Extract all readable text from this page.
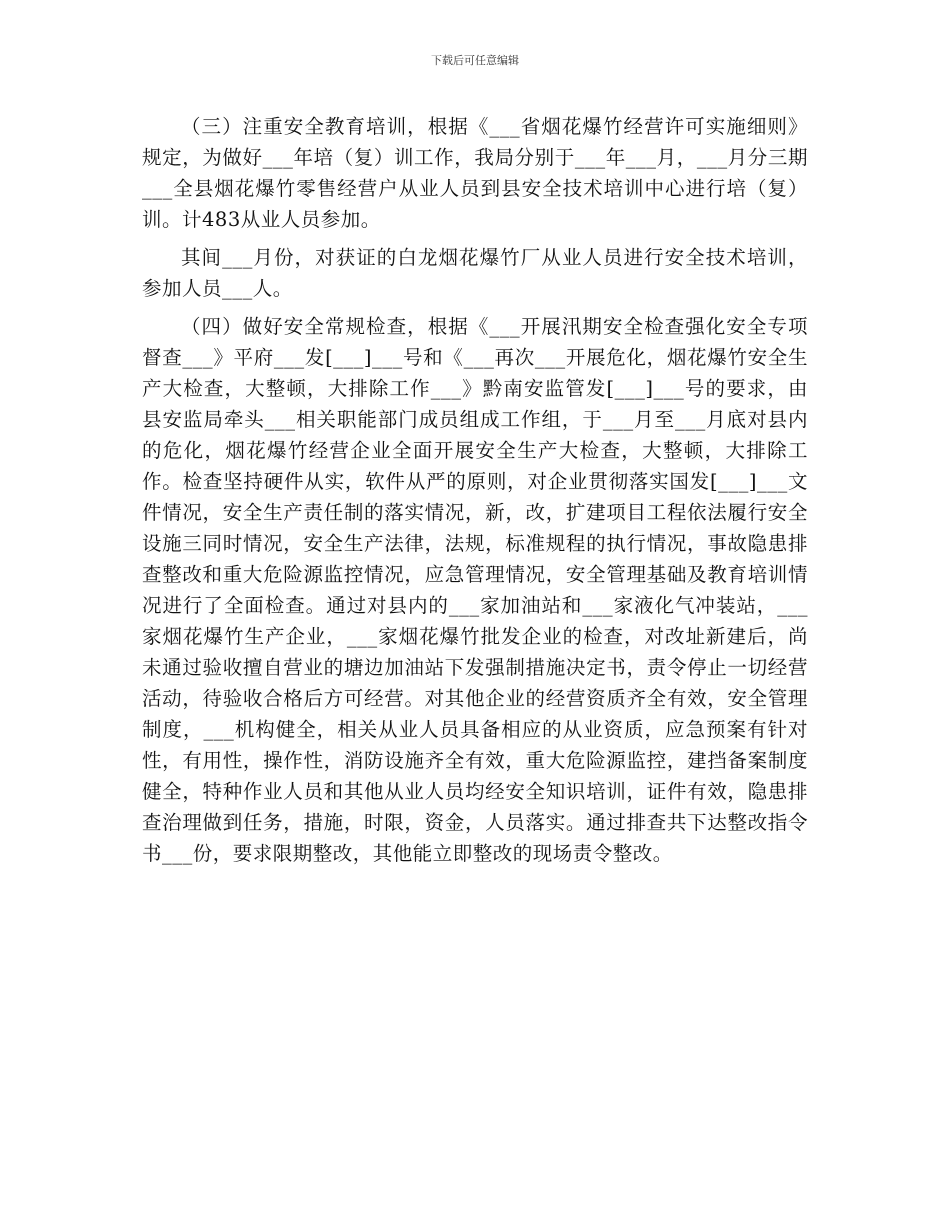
下载后可任意编辑

（三）注重安全教育培训，根据《___省烟花爆竹经营许可实施细则》规定，为做好___年培（复）训工作，我局分别于___年___月，___月分三期___全县烟花爆竹零售经营户从业人员到县安全技术培训中心进行培（复）训。计483从业人员参加。

其间___月份，对获证的白龙烟花爆竹厂从业人员进行安全技术培训，参加人员___人。

（四）做好安全常规检查，根据《___开展汛期安全检查强化安全专项督查___》平府___发[___]___号和《___再次___开展危化，烟花爆竹安全生产大检查，大整顿，大排除工作___》黔南安监管发[___]___号的要求，由县安监局牵头___相关职能部门成员组成工作组，于___月至___月底对县内的危化，烟花爆竹经营企业全面开展安全生产大检查，大整顿，大排除工作。检查坚持硬件从实，软件从严的原则，对企业贯彻落实国发[___]___文件情况，安全生产责任制的落实情况，新，改，扩建项目工程依法履行安全设施三同时情况，安全生产法律，法规，标准规程的执行情况，事故隐患排查整改和重大危险源监控情况，应急管理情况，安全管理基础及教育培训情况进行了全面检查。通过对县内的___家加油站和___家液化气冲装站，___家烟花爆竹生产企业，___家烟花爆竹批发企业的检查，对改址新建后，尚未通过验收擅自营业的塘边加油站下发强制措施决定书，责令停止一切经营活动，待验收合格后方可经营。对其他企业的经营资质齐全有效，安全管理制度，___机构健全，相关从业人员具备相应的从业资质，应急预案有针对性，有用性，操作性，消防设施齐全有效，重大危险源监控，建挡备案制度健全，特种作业人员和其他从业人员均经安全知识培训，证件有效，隐患排查治理做到任务，措施，时限，资金，人员落实。通过排查共下达整改指令书___份，要求限期整改，其他能立即整改的现场责令整改。
